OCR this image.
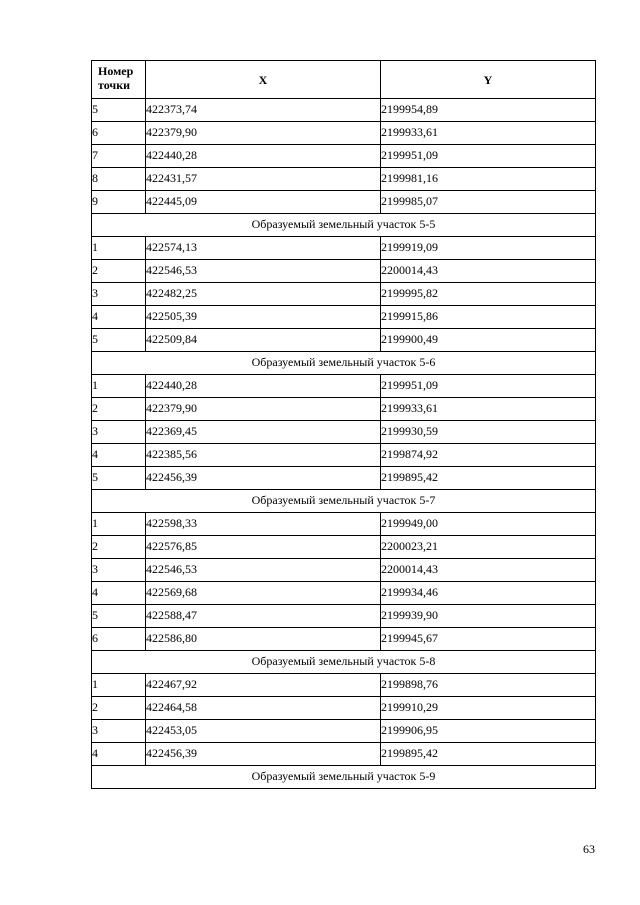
Номер точки	X	Y
5	422373,74	2199954,89
6	422379,90	2199933,61
7	422440,28	2199951,09
8	422431,57	2199981,16
9	422445,09	2199985,07
Образуемый земельный участок 5-5		
1	422574,13	2199919,09
2	422546,53	2200014,43
3	422482,25	2199995,82
4	422505,39	2199915,86
5	422509,84	2199900,49
Образуемый земельный участок 5-6		
1	422440,28	2199951,09
2	422379,90	2199933,61
3	422369,45	2199930,59
4	422385,56	2199874,92
5	422456,39	2199895,42
Образуемый земельный участок 5-7		
1	422598,33	2199949,00
2	422576,85	2200023,21
3	422546,53	2200014,43
4	422569,68	2199934,46
5	422588,47	2199939,90
6	422586,80	2199945,67
Образуемый земельный участок 5-8		
1	422467,92	2199898,76
2	422464,58	2199910,29
3	422453,05	2199906,95
4	422456,39	2199895,42
Образуемый земельный участок 5-9		
63
